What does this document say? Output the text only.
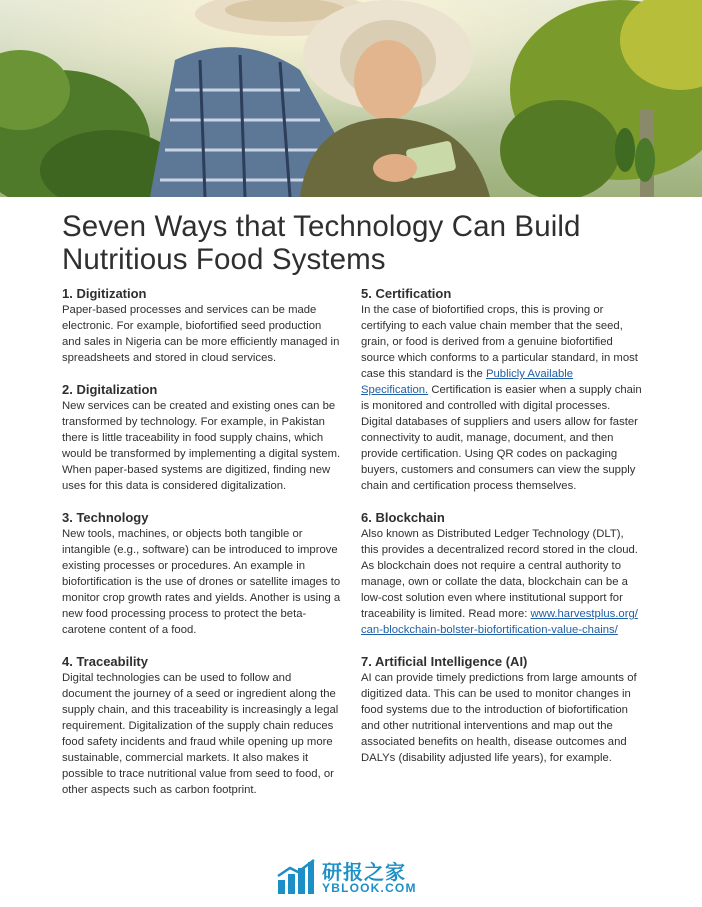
Seven Ways that Technology Can Build Nutritious Food Systems

1. Digitization

Paper-based processes and services can be made electronic. For example, biofortified seed production and sales in Nigeria can be more efficiently managed in spreadsheets and stored in cloud services.

2. Digitalization

New services can be created and existing ones can be transformed by technology. For example, in Pakistan there is little traceability in food supply chains, which would be transformed by implementing a digital system. When paper-based systems are digitized, finding new uses for this data is considered digitalization.

3. Technology

New tools, machines, or objects both tangible or intangible (e.g., software) can be introduced to improve existing processes or procedures. An example in biofortification is the use of drones or satellite images to monitor crop growth rates and yields. Another is using a new food processing process to protect the beta-carotene content of a food.

4. Traceability

Digital technologies can be used to follow and document the journey of a seed or ingredient along the supply chain, and this traceability is increasingly a legal requirement. Digitalization of the supply chain reduces food safety incidents and fraud while opening up more sustainable, commercial markets. It also makes it possible to trace nutritional value from seed to food, or other aspects such as carbon footprint.

5. Certification

In the case of biofortified crops, this is proving or certifying to each value chain member that the seed, grain, or food is derived from a genuine biofortified source which conforms to a particular standard, in most case this standard is the Publicly Available Specification. Certification is easier when a supply chain is monitored and controlled with digital processes. Digital databases of suppliers and users allow for faster connectivity to audit, manage, document, and then provide certification. Using QR codes on packaging buyers, customers and consumers can view the supply chain and certification process themselves.

6. Blockchain

Also known as Distributed Ledger Technology (DLT), this provides a decentralized record stored in the cloud. As blockchain does not require a central authority to manage, own or collate the data, blockchain can be a low-cost solution even where institutional support for traceability is limited. Read more: www.harvestplus.org/can-blockchain-bolster-biofortification-value-chains/

7. Artificial Intelligence (AI)

AI can provide timely predictions from large amounts of digitized data. This can be used to monitor changes in food systems due to the introduction of biofortification and other nutritional interventions and map out the associated benefits on health, disease outcomes and DALYs (disability adjusted life years), for example.

研报之家
YBLOOK.COM
